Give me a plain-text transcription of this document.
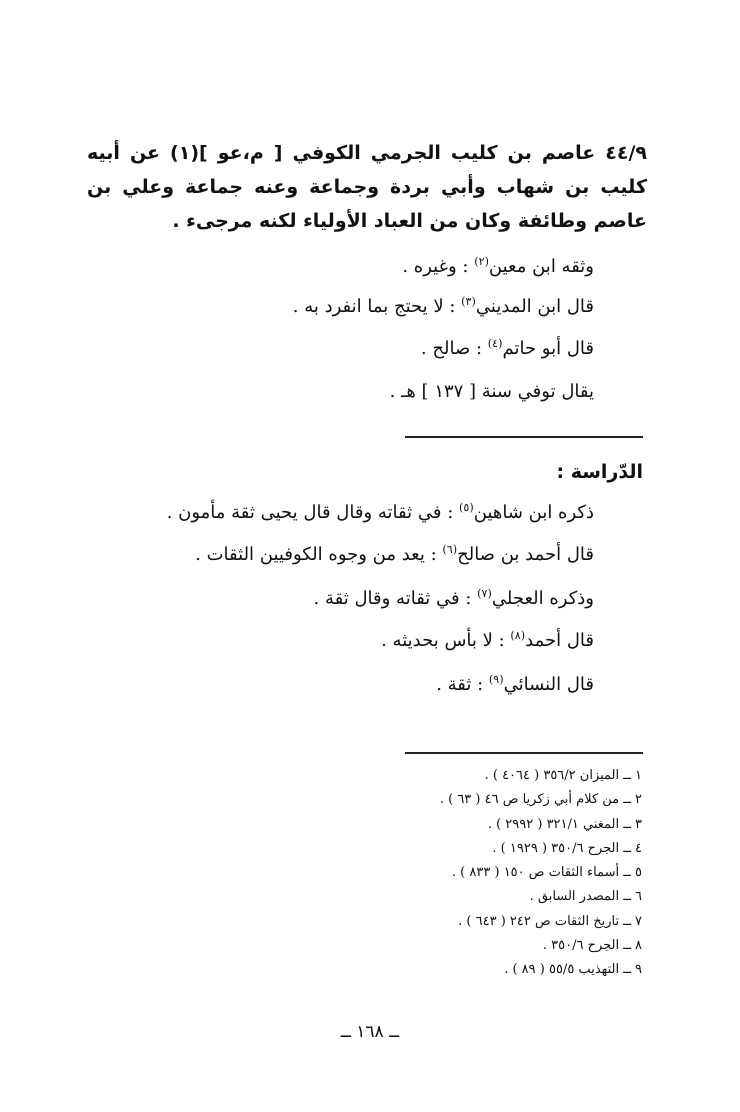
٤٤/٩ عاصم بن كليب الجرمي الكوفي [ م،عو ](١) عن أبيه كليب بن شهاب وأبي بردة وجماعة وعنه جماعة وعلي بن عاصم وطائفة وكان من العباد الأولياء لكنه مرجىء .

وثقه ابن معين$^{(٢)}$ : وغيره .

قال ابن المديني$^{(٣)}$ : لا يحتج بما انفرد به .

قال أبو حاتم$^{(٤)}$ : صالح .

يقال توفي سنة [ ١٣٧ ] هـ .

الدّراسة :

ذكره ابن شاهين$^{(٥)}$ : في ثقاته وقال قال يحيى ثقة مأمون .

قال أحمد بن صالح$^{(٦)}$ : يعد من وجوه الكوفيين الثقات .

وذكره العجلي$^{(٧)}$ : في ثقاته وقال ثقة .

قال أحمد$^{(٨)}$ : لا بأس بحديثه .

قال النسائي$^{(٩)}$ : ثقة .

١ ــ الميزان ٣٥٦/٢ ( ٤٠٦٤ ) .
٢ ــ من كلام أبي زكريا ص ٤٦ ( ٦٣ ) .
٣ ــ المغني ٣٢١/١ ( ٢٩٩٢ ) .
٤ ــ الجرح ٣٥٠/٦ ( ١٩٢٩ ) .
٥ ــ أسماء الثقات ص ١٥٠ ( ٨٣٣ ) .
٦ ــ المصدر السابق .
٧ ــ تاريخ الثقات ص ٢٤٢ ( ٦٤٣ ) .
٨ ــ الجرح ٣٥٠/٦ .
٩ ــ التهذيب ٥٥/٥ ( ٨٩ ) .
ــ ١٦٨ ــ
